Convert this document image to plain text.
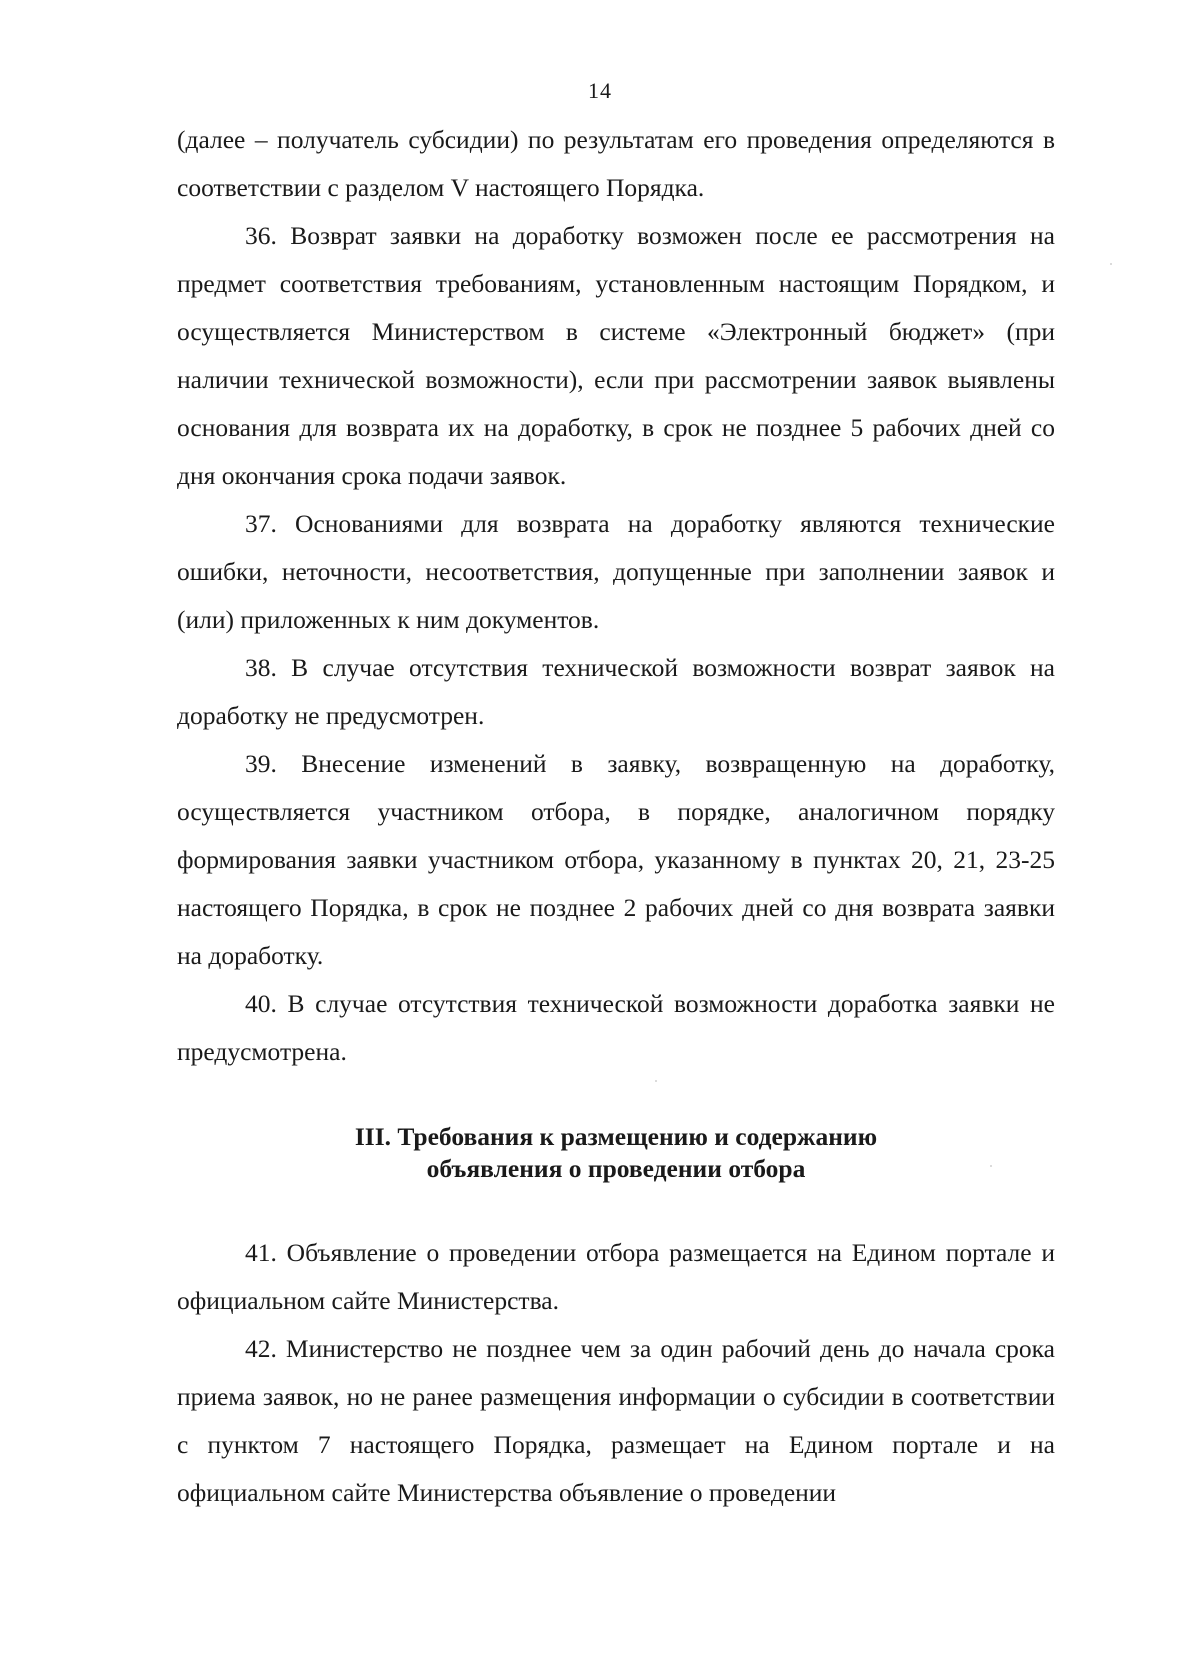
14

(далее – получатель субсидии) по результатам его проведения определяются в соответствии с разделом V настоящего Порядка.

36. Возврат заявки на доработку возможен после ее рассмотрения на предмет соответствия требованиям, установленным настоящим Порядком, и осуществляется Министерством в системе «Электронный бюджет» (при наличии технической возможности), если при рассмотрении заявок выявлены основания для возврата их на доработку, в срок не позднее 5 рабочих дней со дня окончания срока подачи заявок.

37. Основаниями для возврата на доработку являются технические ошибки, неточности, несоответствия, допущенные при заполнении заявок и (или) приложенных к ним документов.

38. В случае отсутствия технической возможности возврат заявок на доработку не предусмотрен.

39. Внесение изменений в заявку, возвращенную на доработку, осуществляется участником отбора, в порядке, аналогичном порядку формирования заявки участником отбора, указанному в пунктах 20, 21, 23-25 настоящего Порядка, в срок не позднее 2 рабочих дней со дня возврата заявки на доработку.

40. В случае отсутствия технической возможности доработка заявки не предусмотрена.

III. Требования к размещению и содержанию
объявления о проведении отбора

41. Объявление о проведении отбора размещается на Едином портале и официальном сайте Министерства.

42. Министерство не позднее чем за один рабочий день до начала срока приема заявок, но не ранее размещения информации о субсидии в соответствии с пунктом 7 настоящего Порядка, размещает на Едином портале и на официальном сайте Министерства объявление о проведении
